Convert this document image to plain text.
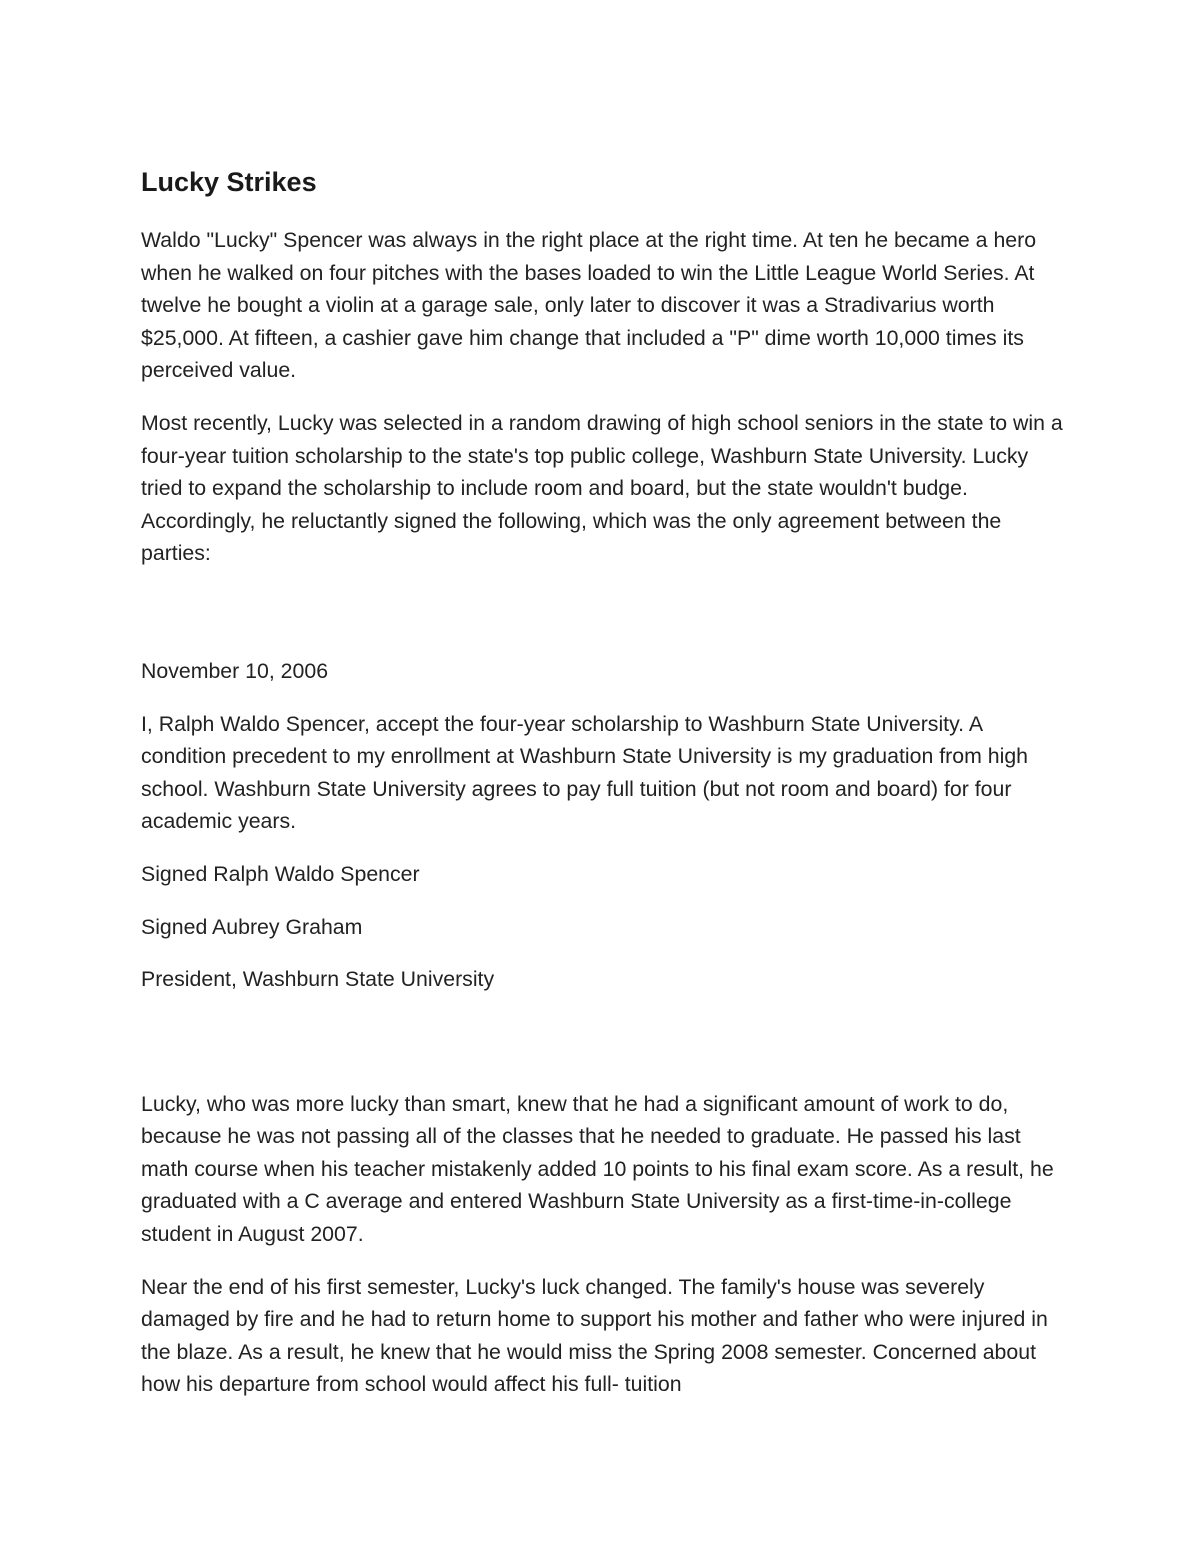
Lucky Strikes

Waldo "Lucky" Spencer was always in the right place at the right time. At ten he became a hero when he walked on four pitches with the bases loaded to win the Little League World Series. At twelve he bought a violin at a garage sale, only later to discover it was a Stradivarius worth $25,000. At fifteen, a cashier gave him change that included a "P" dime worth 10,000 times its perceived value.

Most recently, Lucky was selected in a random drawing of high school seniors in the state to win a four-year tuition scholarship to the state's top public college, Washburn State University. Lucky tried to expand the scholarship to include room and board, but the state wouldn't budge. Accordingly, he reluctantly signed the following, which was the only agreement between the parties:

November 10, 2006

I, Ralph Waldo Spencer, accept the four-year scholarship to Washburn State University. A condition precedent to my enrollment at Washburn State University is my graduation from high school. Washburn State University agrees to pay full tuition (but not room and board) for four academic years.

Signed Ralph Waldo Spencer

Signed Aubrey Graham

President, Washburn State University

Lucky, who was more lucky than smart, knew that he had a significant amount of work to do, because he was not passing all of the classes that he needed to graduate. He passed his last math course when his teacher mistakenly added 10 points to his final exam score. As a result, he graduated with a C average and entered Washburn State University as a first-time-in-college student in August 2007.

Near the end of his first semester, Lucky's luck changed. The family's house was severely damaged by fire and he had to return home to support his mother and father who were injured in the blaze. As a result, he knew that he would miss the Spring 2008 semester. Concerned about how his departure from school would affect his full- tuition
